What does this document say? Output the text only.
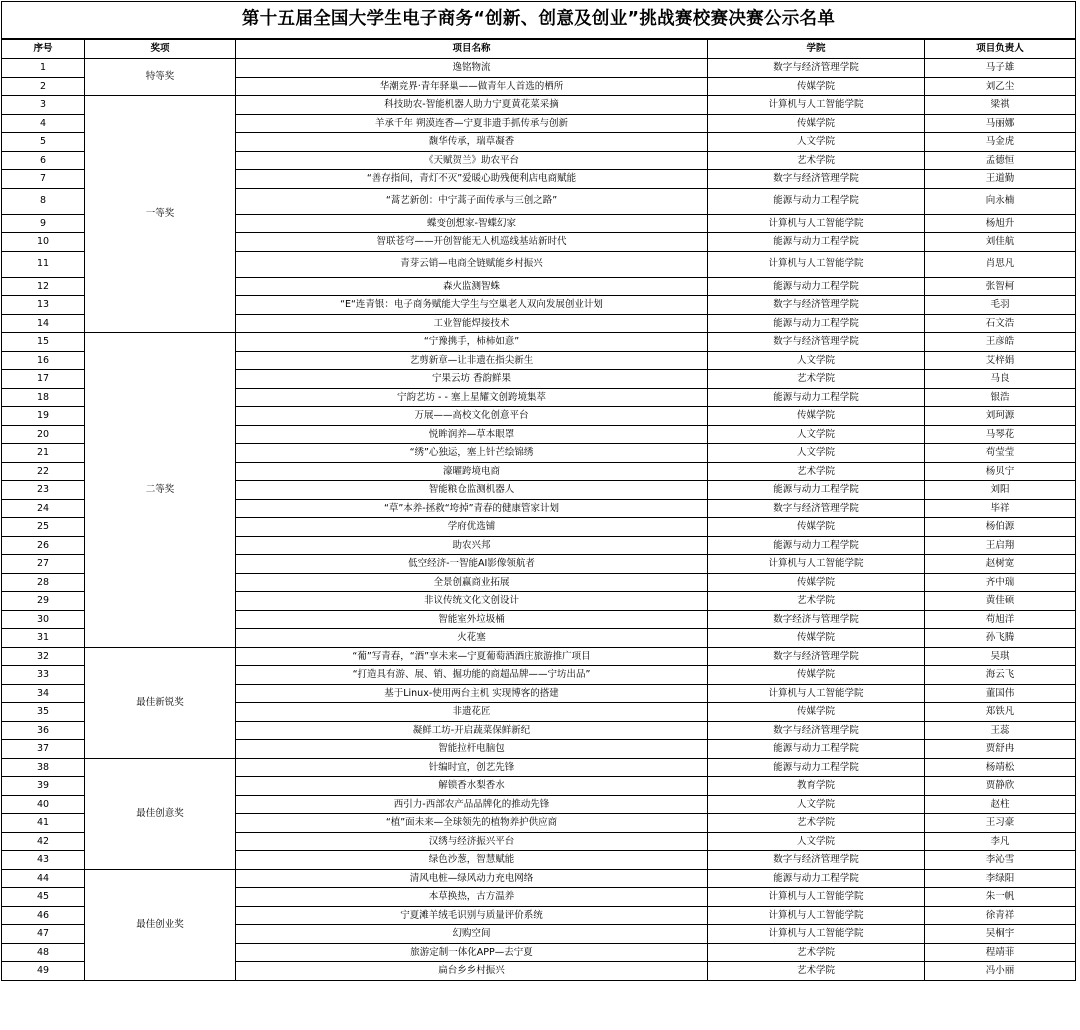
第十五届全国大学生电子商务“创新、创意及创业”挑战赛校赛决赛公示名单				
序号	奖项	项目名称	学院	项目负责人
1	特等奖	逸铭物流	数字与经济管理学院	马子雄
2		华潮竞界·青年驿巢——做青年人首选的栖所	传媒学院	刘乙尘
3	一等奖	科技助农-智能机器人助力宁夏黄花菜采摘	计算机与人工智能学院	梁祺
4		羊承千年 朔漠连香—宁夏非遗手抓传承与创新	传媒学院	马丽娜
5		馥华传承，瑞草凝香	人文学院	马金虎
6		《天赋贺兰》助农平台	艺术学院	孟德恒
7		“善存指间，青灯不灭”爱暖心助残便利店电商赋能	数字与经济管理学院	王道勤
8		“蒿艺新创：中宁蒿子面传承与三创之路”	能源与动力工程学院	向永楠
9		蝶变创想家-智蝶幻家	计算机与人工智能学院	杨旭升
10		智联苍穹——开创智能无人机巡线基站新时代	能源与动力工程学院	刘佳航
11		青芽云销—电商全链赋能乡村振兴	计算机与人工智能学院	肖思凡
12		森火监测智蛛	能源与动力工程学院	张智柯
13		“E“连青银：电子商务赋能大学生与空巢老人双向发展创业计划	数字与经济管理学院	毛羽
14		工业智能焊接技术	能源与动力工程学院	石文浩
15	二等奖	“宁豫携手，柿柿如意”	数字与经济管理学院	王彦皓
16		艺剪新章—让非遗在指尖新生	人文学院	艾梓娟
17		宁果云坊 香韵鲜果	艺术学院	马良
18		宁韵艺坊 - - 塞上星耀文创跨境集萃	能源与动力工程学院	银浩
19		万展——高校文化创意平台	传媒学院	刘珂源
20		悦眸润养—草本眼罩	人文学院	马琴花
21		“绣”心独运，塞上针芒绘锦绣	人文学院	苟莹莹
22		濠曜跨境电商	艺术学院	杨贝宁
23		智能粮仓监测机器人	能源与动力工程学院	刘阳
24		“草”本养-拯救“垮掉”青春的健康管家计划	数字与经济管理学院	毕祥
25		学府优选铺	传媒学院	杨伯源
26		助农兴邦	能源与动力工程学院	王启翔
27		低空经济-一智能AI影像领航者	计算机与人工智能学院	赵树宽
28		全景创赢商业拓展	传媒学院	齐中瑞
29		非议传统文化文创设计	艺术学院	黄佳硕
30		智能室外垃圾桶	数字经济与管理学院	苟旭洋
31		火花塞	传媒学院	孙飞腾
32	最佳新锐奖	“葡”写青春，“酒”享未来—宁夏葡萄酒酒庄旅游推广项目	数字与经济管理学院	吴琪
33		“打造具有游、展、销、掘功能的商超品牌——宁坊出品”	传媒学院	海云飞
34		基于Linux-使用两台主机 实现博客的搭建	计算机与人工智能学院	董国伟
35		非遗花匠	传媒学院	郑铁凡
36		凝鲜工坊-开启蔬菜保鲜新纪	数字与经济管理学院	王蕊
37		智能拉杆电脑包	能源与动力工程学院	贾舒冉
38	最佳创意奖	针编时宜，创艺先锋	能源与动力工程学院	杨靖松
39		解锁香水梨香水	教育学院	贾静欣
40		西引力-西部农产品品牌化的推动先锋	人文学院	赵柱
41		“植”面未来—全球领先的植物养护供应商	艺术学院	王习豪
42		汉绣与经济振兴平台	人文学院	李凡
43		绿色沙葱，智慧赋能	数字与经济管理学院	李沁雪
44	最佳创业奖	清风电桩—绿风动力充电网络	能源与动力工程学院	李绿阳
45		本草换热，古方温养	计算机与人工智能学院	朱一帆
46		宁夏滩羊绒毛识别与质量评价系统	计算机与人工智能学院	徐青祥
47		幻购空间	计算机与人工智能学院	吴桐宇
48		旅游定制一体化APP—去宁夏	艺术学院	程靖菲
49		扁台乡乡村振兴	艺术学院	冯小丽
